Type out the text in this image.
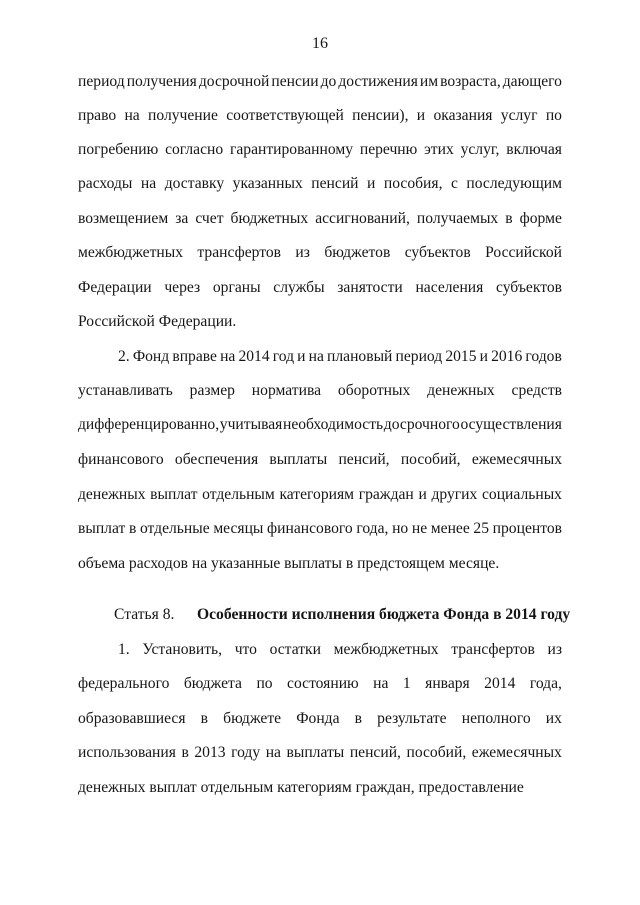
16
период получения досрочной пенсии до достижения им возраста, дающего
право на получение соответствующей пенсии), и оказания услуг по
погребению согласно гарантированному перечню этих услуг, включая
расходы на доставку указанных пенсий и пособия, с последующим
возмещением за счет бюджетных ассигнований, получаемых в форме
межбюджетных трансфертов из бюджетов субъектов Российской
Федерации через органы службы занятости населения субъектов
Российской Федерации.
2. Фонд вправе на 2014 год и на плановый период 2015 и 2016 годов
устанавливать размер норматива оборотных денежных средств
дифференцированно, учитывая необходимость досрочного осуществления
финансового обеспечения выплаты пенсий, пособий, ежемесячных
денежных выплат отдельным категориям граждан и других социальных
выплат в отдельные месяцы финансового года, но не менее 25 процентов
объема расходов на указанные выплаты в предстоящем месяце.
1. Установить, что остатки межбюджетных трансфертов из
федерального бюджета по состоянию на 1 января 2014 года,
образовавшиеся в бюджете Фонда в результате неполного их
использования в 2013 году на выплаты пенсий, пособий, ежемесячных
денежных выплат отдельным категориям граждан, предоставление
Статья 8. Особенности исполнения бюджета Фонда в 2014 году
